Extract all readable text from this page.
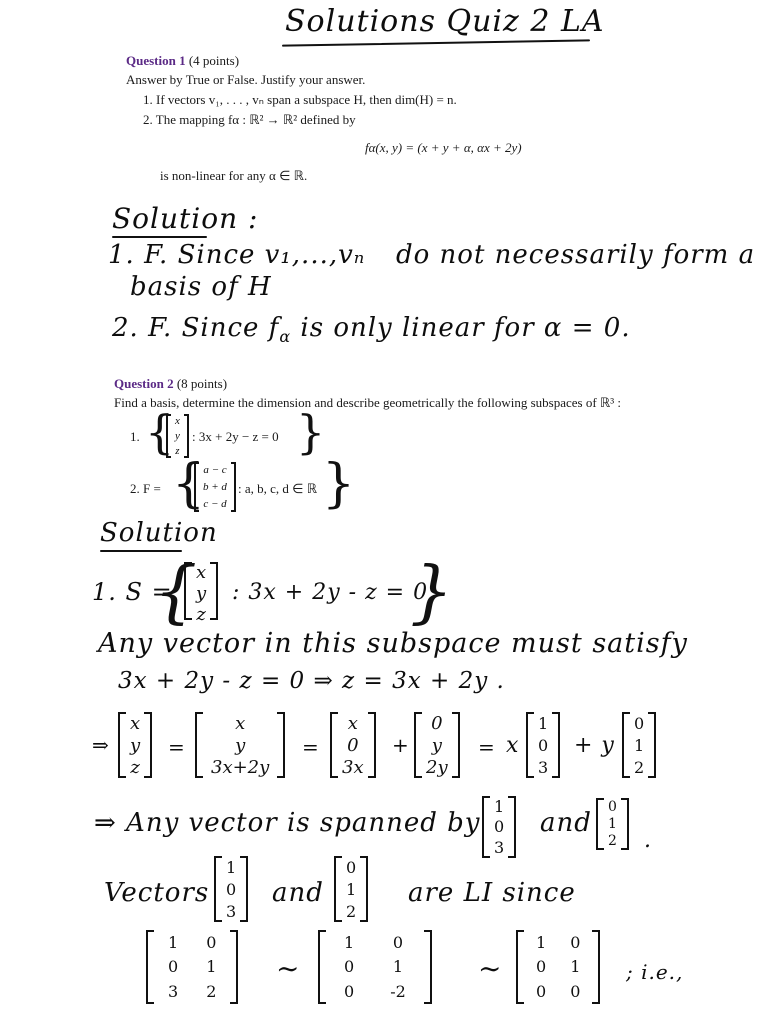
Solutions Quiz 2 LA
Question 1 (4 points)
Answer by True or False. Justify your answer.
1. If vectors v₁, . . . , vₙ span a subspace H, then dim(H) = n.
2. The mapping fα : ℝ² → ℝ² defined by
fα(x, y) = (x + y + α, αx + 2y)
is non-linear for any α ∈ ℝ.
Solution :
1. F. Since v₁,...,vₙ do not necessarily form a
basis of H
2. F. Since $f_\alpha$ is only linear for α = 0.
Question 2 (8 points)
Find a basis, determine the dimension and describe geometrically the following subspaces of ℝ³ :
1. { x
y
z
: 3x + 2y − z = 0 }
2. F = {
a − c
b + d
c − d
: a, b, c, d ∈ ℝ }
Solution
1. S =
{
x
y
z
: 3x + 2y - z = 0
}
Any vector in this subspace must satisfy
3x + 2y - z = 0 ⇒ z = 3x + 2y .
⇒
x
y
z
=
x
y
3x+2y
=
x
0
3x
+
0
y
2y
= x
1
0
3
+ y
0
1
2
⇒ Any vector is spanned by
1
0
3
and
0
1
2 .
Vectors
1
0
3
and
0
1
2
are LI since
1
0
3
0
1
2
∼
1
0
0
0
1
-2
∼
1
0
0
0
1
0
; i.e.,
